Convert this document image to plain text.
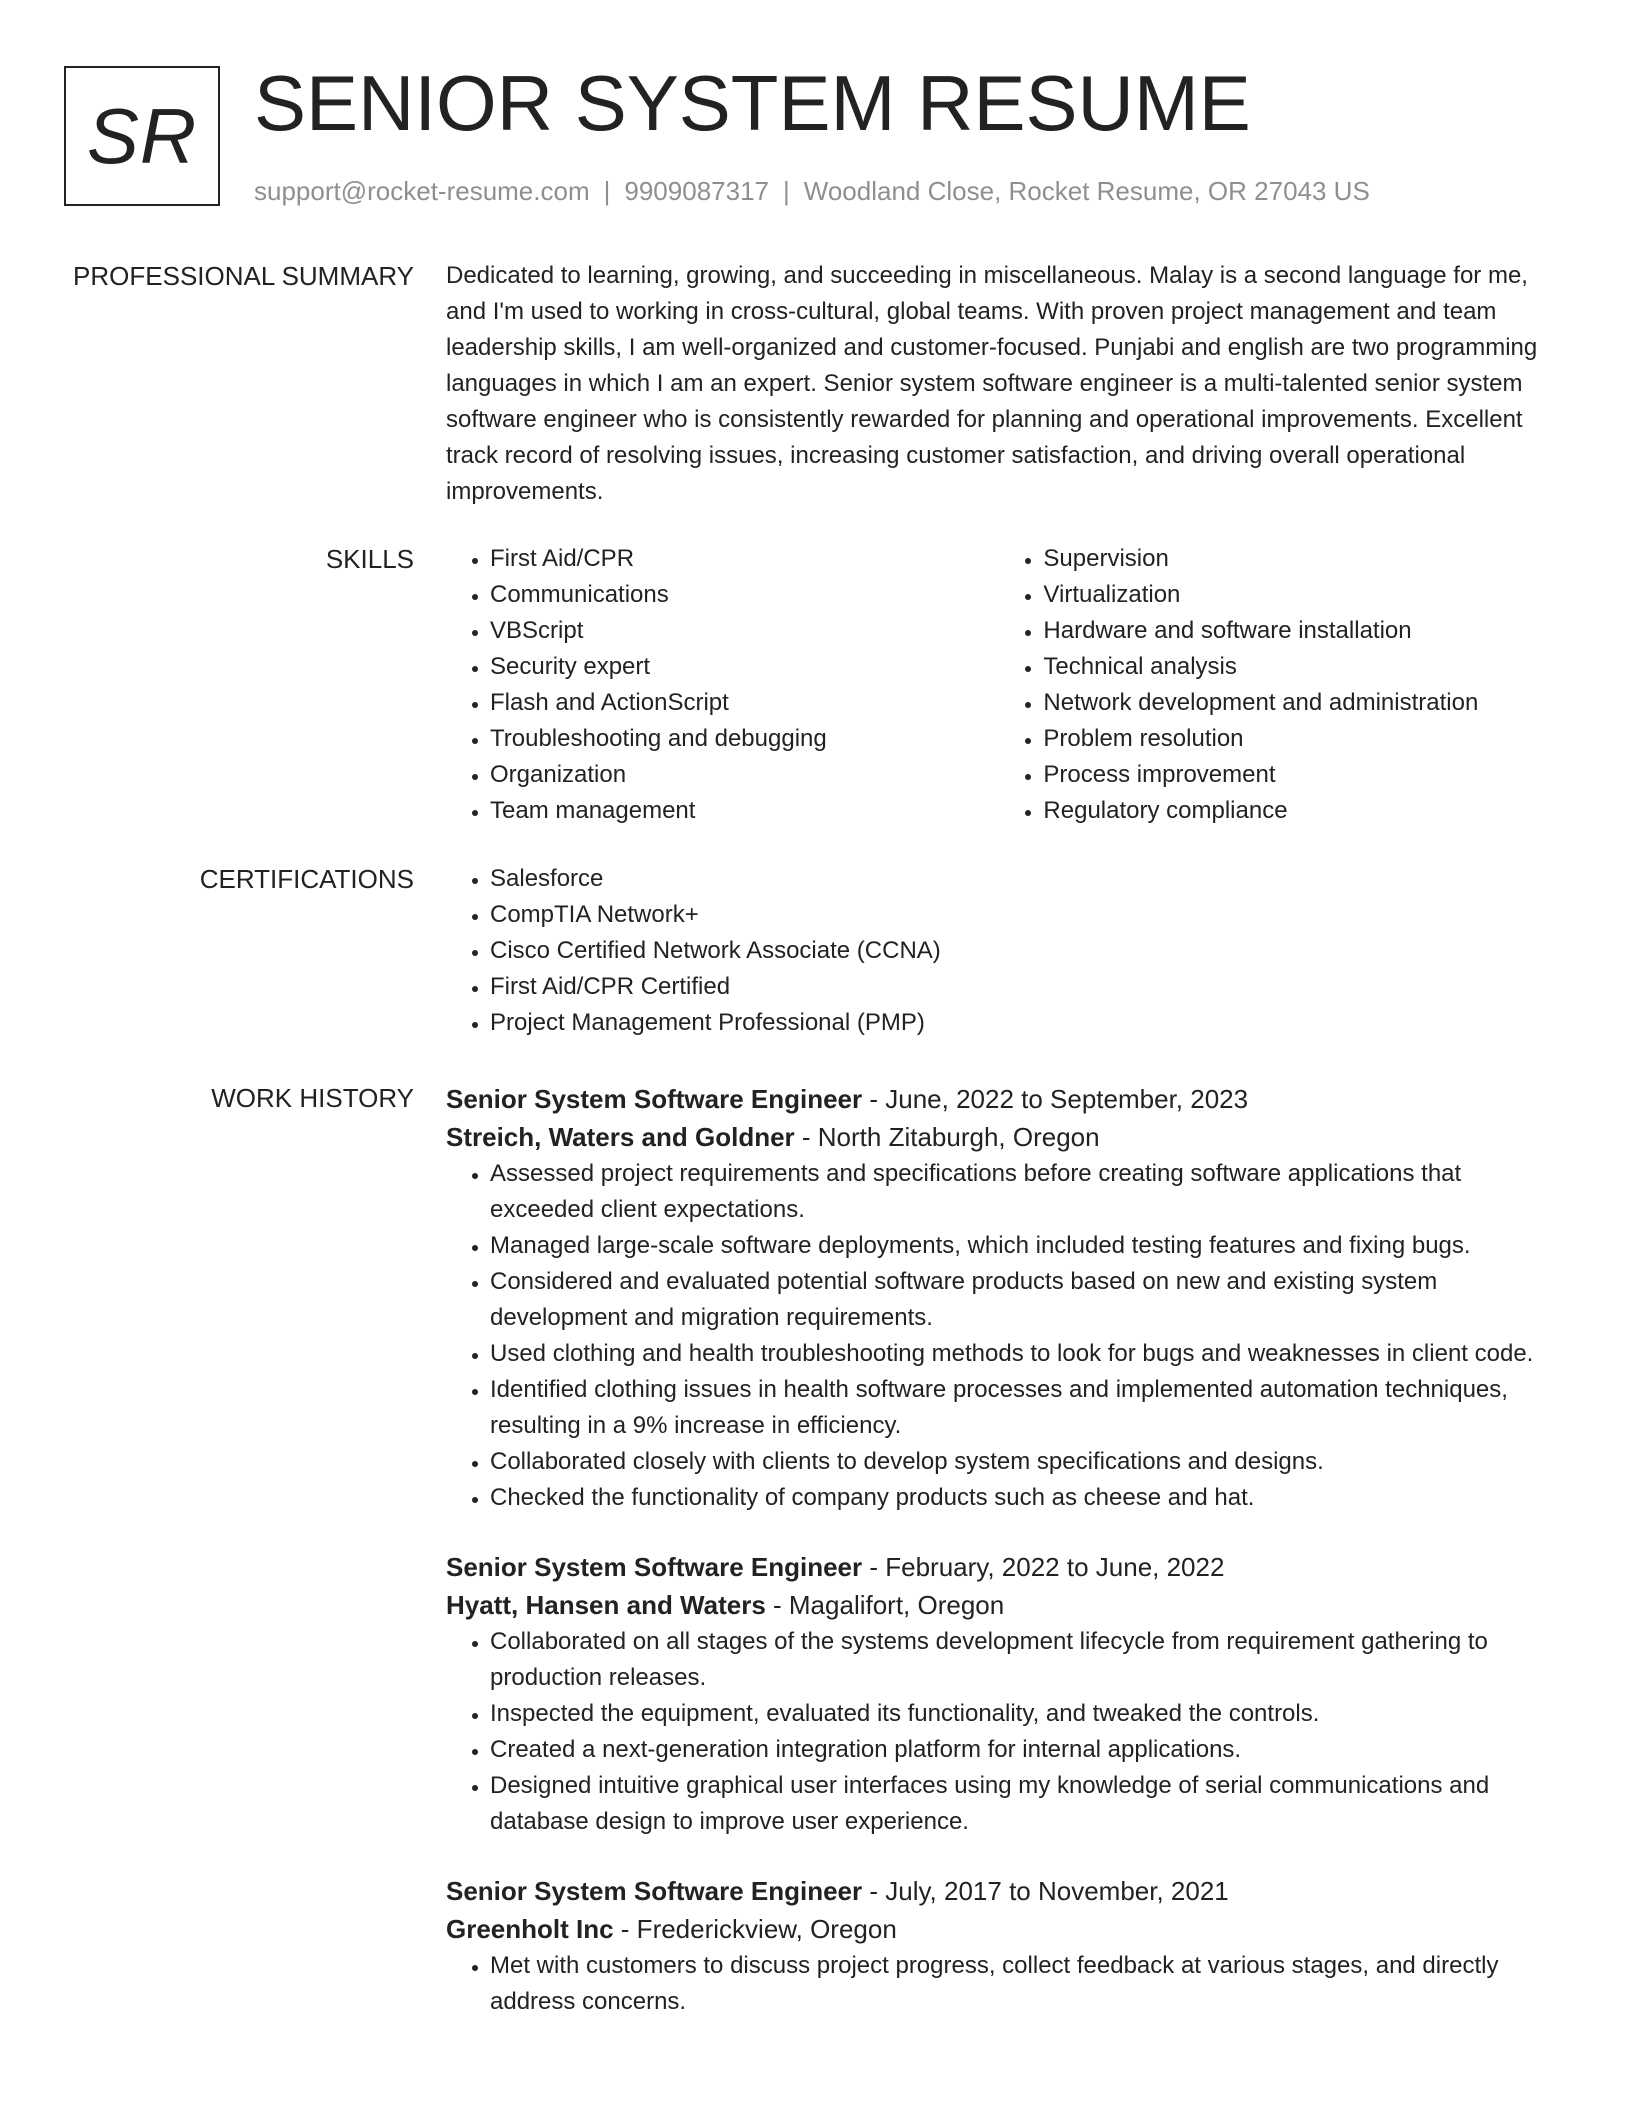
SR SENIOR SYSTEM RESUME
support@rocket-resume.com | 9909087317 | Woodland Close, Rocket Resume, OR 27043 US
PROFESSIONAL SUMMARY Dedicated to learning, growing, and succeeding in miscellaneous. Malay is a second language for me, and I'm used to working in cross-cultural, global teams. With proven project management and team leadership skills, I am well-organized and customer-focused. Punjabi and english are two programming languages in which I am an expert. Senior system software engineer is a multi-talented senior system software engineer who is consistently rewarded for planning and operational improvements. Excellent track record of resolving issues, increasing customer satisfaction, and driving overall operational improvements.

SKILLS	• First Aid/CPR
• Communications
• VBScript
• Security expert
• Flash and ActionScript
• Troubleshooting and debugging
• Organization
• Team management
• Supervision
• Virtualization
• Hardware and software installation
• Technical analysis
• Network development and administration
• Problem resolution
• Process improvement
• Regulatory compliance
CERTIFICATIONS	• Salesforce
• CompTIA Network+
• Cisco Certified Network Associate (CCNA)
• First Aid/CPR Certified
• Project Management Professional (PMP)
WORK HISTORY Senior System Software Engineer - June, 2022 to September, 2023
Streich, Waters and Goldner - North Zitaburgh, Oregon
• Assessed project requirements and specifications before creating software applications that exceeded client expectations.
• Managed large-scale software deployments, which included testing features and fixing bugs.
• Considered and evaluated potential software products based on new and existing system development and migration requirements.
• Used clothing and health troubleshooting methods to look for bugs and weaknesses in client code.
• Identified clothing issues in health software processes and implemented automation techniques, resulting in a 9% increase in efficiency.
• Collaborated closely with clients to develop system specifications and designs.
• Checked the functionality of company products such as cheese and hat.
Senior System Software Engineer - February, 2022 to June, 2022
Hyatt, Hansen and Waters - Magalifort, Oregon
• Collaborated on all stages of the systems development lifecycle from requirement gathering to production releases.
• Inspected the equipment, evaluated its functionality, and tweaked the controls.
• Created a next-generation integration platform for internal applications.
• Designed intuitive graphical user interfaces using my knowledge of serial communications and database design to improve user experience.
Senior System Software Engineer - July, 2017 to November, 2021
Greenholt Inc - Frederickview, Oregon
• Met with customers to discuss project progress, collect feedback at various stages, and directly address concerns.
